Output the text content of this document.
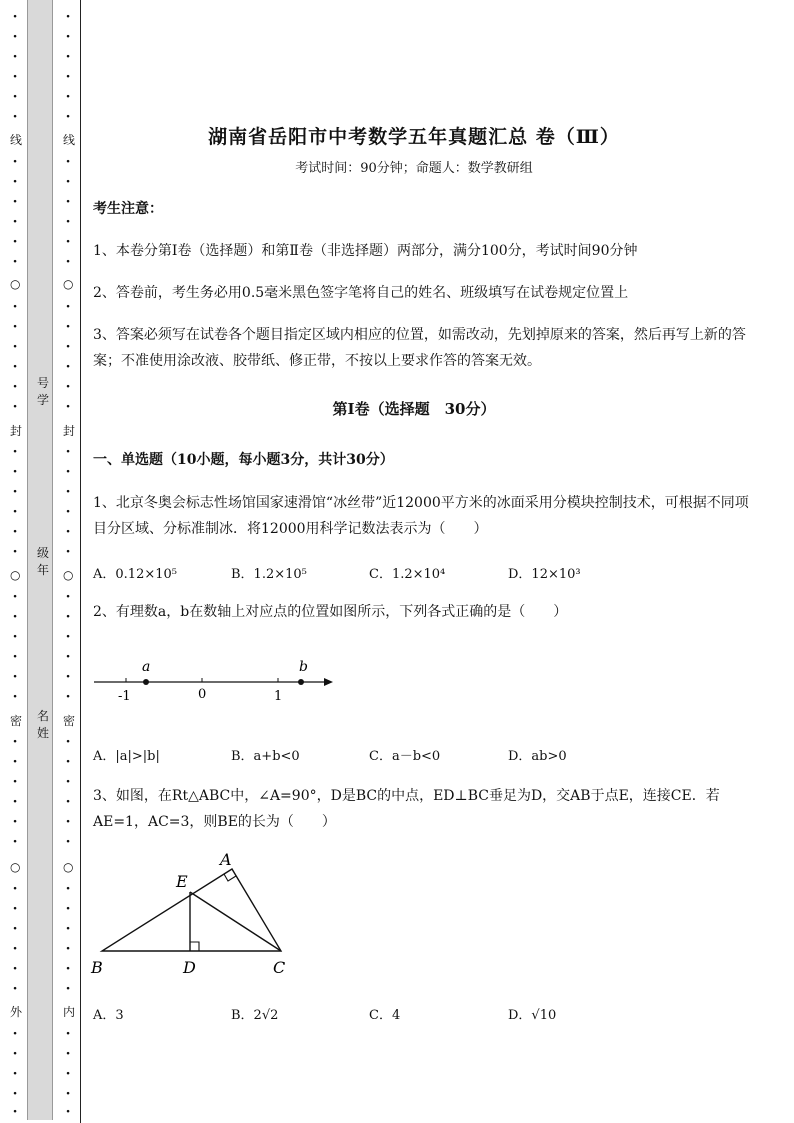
·
·
·
·
·
·
线
·
·
·
·
·
·
○
·
·
·
·
·
·
封
·
·
·
·
·
·
○
·
·
·
·
·
·
密
·
·
·
·
·
·
○
·
·
·
·
·
·
外
·
·
·
·
·
号
学
级
年
名
姓
·
·
·
·
·
·
线
·
·
·
·
·
·
○
·
·
·
·
·
·
封
·
·
·
·
·
·
○
·
·
·
·
·
·
密
·
·
·
·
·
·
○
·
·
·
·
·
·
内
·
·
·
·
·
湖南省岳阳市中考数学五年真题汇总 卷（Ⅲ）
考试时间：90分钟；命题人：数学教研组
考生注意：
1、本卷分第Ⅰ卷（选择题）和第Ⅱ卷（非选择题）两部分，满分100分，考试时间90分钟
2、答卷前，考生务必用0.5毫米黑色签字笔将自己的姓名、班级填写在试卷规定位置上
3、答案必须写在试卷各个题目指定区域内相应的位置，如需改动，先划掉原来的答案，然后再写上新的答案；不准使用涂改液、胶带纸、修正带，不按以上要求作答的答案无效。
第Ⅰ卷（选择题　30分）
一、单选题（10小题，每小题3分，共计30分）
1、北京冬奥会标志性场馆国家速滑馆“冰丝带”近12000平方米的冰面采用分模块控制技术，可根据不同项目分区域、分标准制冰．将12000用科学记数法表示为（　　）
A．0.12×10⁵	B．1.2×10⁵	C．1.2×10⁴	D．12×10³
2、有理数a，b在数轴上对应点的位置如图所示，下列各式正确的是（　　）
a	b
-1	0	1
A．|a|>|b|	B．a+b<0	C．a－b<0	D．ab>0
3、如图，在Rt△ABC中，∠A=90°，D是BC的中点，ED⊥BC垂足为D，交AB于点E，连接CE．若AE=1，AC=3，则BE的长为（　　）
A
E
B	D	C
A．3	B．2√2	C．4	D．√10
